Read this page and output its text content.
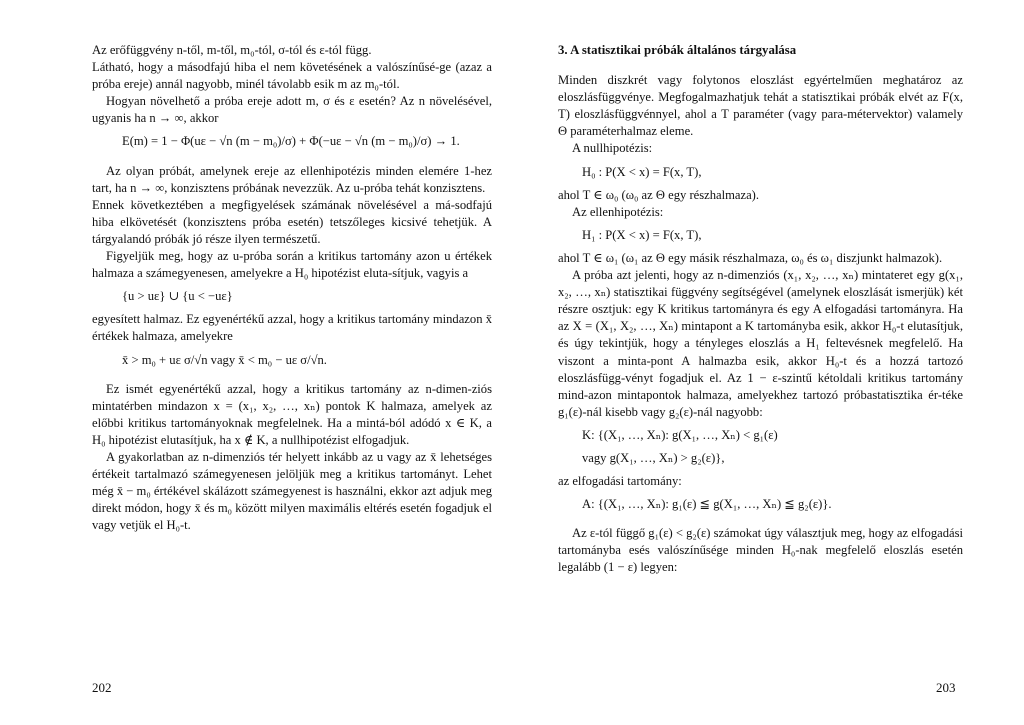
Az erőfüggvény n-től, m-től, m₀-tól, σ-tól és ε-tól függ.

Látható, hogy a másodfajú hiba el nem követésének a valószínűsé-ge (azaz a próba ereje) annál nagyobb, minél távolabb esik m az m₀-tól.

Hogyan növelhető a próba ereje adott m, σ és ε esetén? Az n növelésével, ugyanis ha n → ∞, akkor

E(m) = 1 − Φ(uε − √n (m − m₀)/σ) + Φ(−uε − √n (m − m₀)/σ) → 1.

Az olyan próbát, amelynek ereje az ellenhipotézis minden elemére 1-hez tart, ha n → ∞, konzisztens próbának nevezzük. Az u-próba tehát konzisztens.

Ennek következtében a megfigyelések számának növelésével a má-sodfajú hiba elkövetését (konzisztens próba esetén) tetszőleges kicsivé tehetjük. A tárgyalandó próbák jó része ilyen természetű.

Figyeljük meg, hogy az u-próba során a kritikus tartomány azon u értékek halmaza a számegyenesen, amelyekre a H₀ hipotézist eluta-sítjuk, vagyis a

{u > uε} ∪ {u < −uε}

egyesített halmaz. Ez egyenértékű azzal, hogy a kritikus tartomány mindazon x̄ értékek halmaza, amelyekre

x̄ > m₀ + uε σ/√n vagy x̄ < m₀ − uε σ/√n.

Ez ismét egyenértékű azzal, hogy a kritikus tartomány az n-dimen-ziós mintatérben mindazon x = (x₁, x₂, …, xₙ) pontok K halmaza, amelyek az előbbi kritikus tartományoknak megfelelnek. Ha a mintá-ból adódó x ∈ K, a H₀ hipotézist elutasítjuk, ha x ∉ K, a nullhipotézist elfogadjuk.

A gyakorlatban az n-dimenziós tér helyett inkább az u vagy az x̄ lehetséges értékeit tartalmazó számegyenesen jelöljük meg a kritikus tartományt. Lehet még x̄ − m₀ értékével skálázott számegyenest is használni, ekkor azt adjuk meg direkt módon, hogy x̄ és m₀ között milyen maximális eltérés esetén fogadjuk el vagy vetjük el H₀-t.

3. A statisztikai próbák általános tárgyalása

Minden diszkrét vagy folytonos eloszlást egyértelműen meghatároz az eloszlásfüggvénye. Megfogalmazhatjuk tehát a statisztikai próbák elvét az F(x, T) eloszlásfüggvénnyel, ahol a T paraméter (vagy para-métervektor) valamely Θ paraméterhalmaz eleme.

A nullhipotézis:

H₀ : P(X < x) = F(x, T),

ahol T ∈ ω₀ (ω₀ az Θ egy részhalmaza).

Az ellenhipotézis:

H₁ : P(X < x) = F(x, T),

ahol T ∈ ω₁ (ω₁ az Θ egy másik részhalmaza, ω₀ és ω₁ diszjunkt halmazok).

A próba azt jelenti, hogy az n-dimenziós (x₁, x₂, …, xₙ) mintateret egy g(x₁, x₂, …, xₙ) statisztikai függvény segítségével (amelynek eloszlását ismerjük) két részre osztjuk: egy K kritikus tartományra és egy A elfogadási tartományra. Ha az X = (X₁, X₂, …, Xₙ) mintapont a K tartományba esik, akkor H₀-t elutasítjuk, és úgy tekintjük, hogy a tényleges eloszlás a H₁ feltevésnek megfelelő. Ha viszont a minta-pont A halmazba esik, akkor H₀-t és a hozzá tartozó eloszlásfügg-vényt fogadjuk el. Az 1 − ε-szintű kétoldali kritikus tartomány mind-azon mintapontok halmaza, amelyekhez tartozó próbastatisztika ér-téke g₁(ε)-nál kisebb vagy g₂(ε)-nál nagyobb:

K: {(X₁, …, Xₙ): g(X₁, …, Xₙ) < g₁(ε)
vagy g(X₁, …, Xₙ) > g₂(ε)},

az elfogadási tartomány:

A: {(X₁, …, Xₙ): g₁(ε) ≦ g(X₁, …, Xₙ) ≦ g₂(ε)}.

Az ε-tól függő g₁(ε) < g₂(ε) számokat úgy választjuk meg, hogy az elfogadási tartományba esés valószínűsége minden H₀-nak megfelelő eloszlás esetén legalább (1 − ε) legyen:

202	203
